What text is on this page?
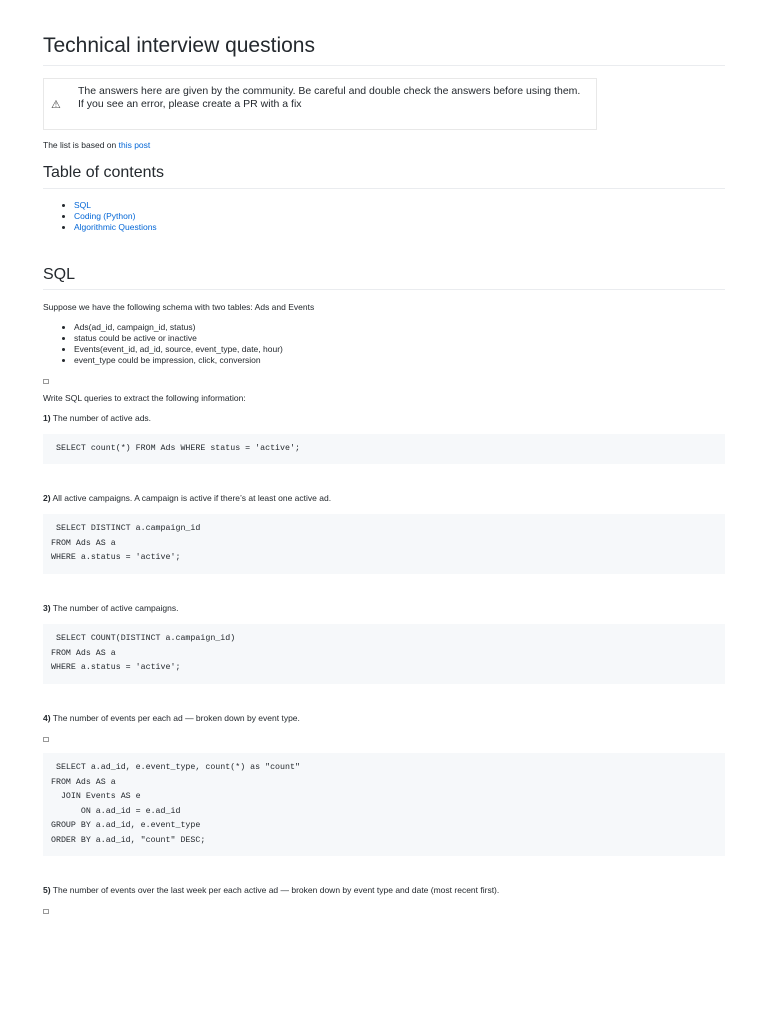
Technical interview questions
⚠
The answers here are given by the community. Be careful and double check the answers before using them.
If you see an error, please create a PR with a fix
The list is based on this post
Table of contents
• SQL
• Coding (Python)
• Algorithmic Questions
SQL
Suppose we have the following schema with two tables: Ads and Events
• Ads(ad_id, campaign_id, status)
• status could be active or inactive
• Events(event_id, ad_id, source, event_type, date, hour)
• event_type could be impression, click, conversion
Write SQL queries to extract the following information:
1) The number of active ads.
SELECT count(*) FROM Ads WHERE status = 'active';
2) All active campaigns. A campaign is active if there’s at least one active ad.
SELECT DISTINCT a.campaign_id
FROM Ads AS a
WHERE a.status = 'active';
3) The number of active campaigns.
SELECT COUNT(DISTINCT a.campaign_id)
FROM Ads AS a
WHERE a.status = 'active';
4) The number of events per each ad — broken down by event type.
SELECT a.ad_id, e.event_type, count(*) as "count"
FROM Ads AS a
JOIN Events AS e
ON a.ad_id = e.ad_id
GROUP BY a.ad_id, e.event_type
ORDER BY a.ad_id, "count" DESC;
5) The number of events over the last week per each active ad — broken down by event type and date (most recent first).
